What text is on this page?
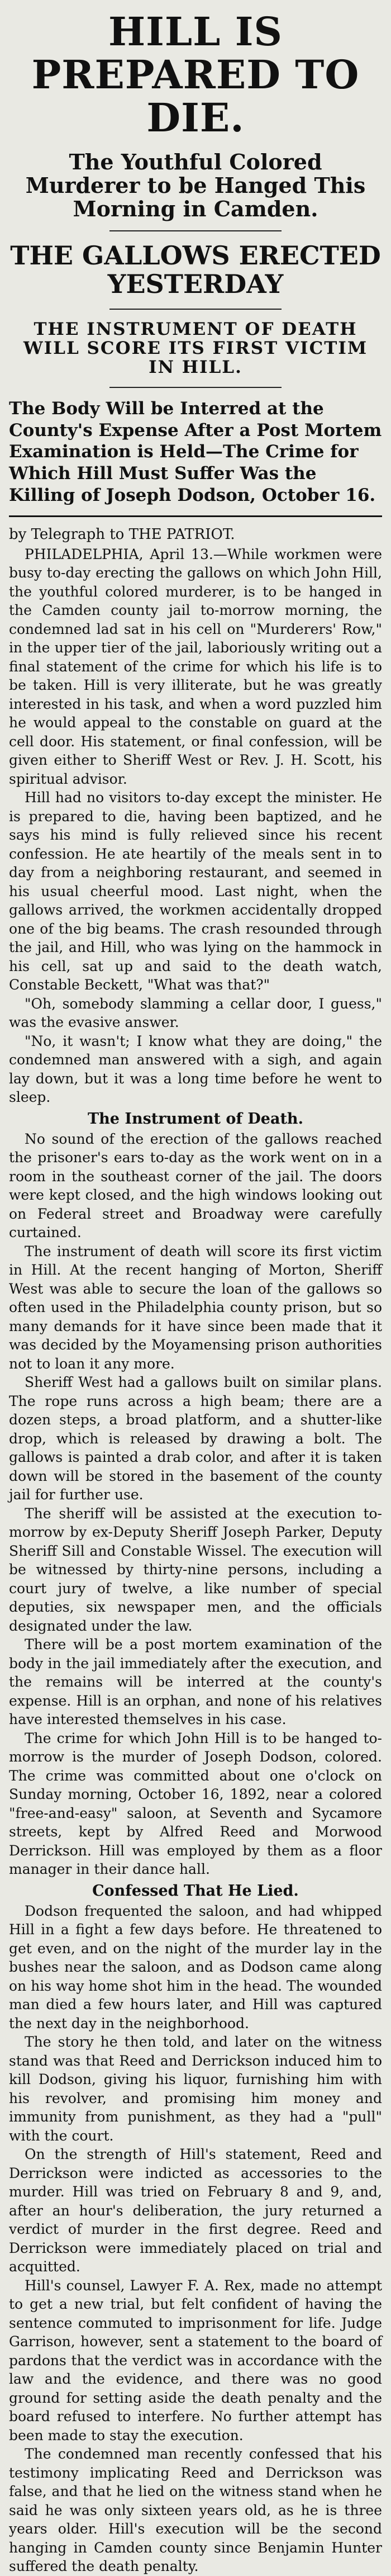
HILL IS PREPARED TO DIE.
The Youthful Colored Murderer to be Hanged This Morning in Camden.
THE GALLOWS ERECTED YESTERDAY
THE INSTRUMENT OF DEATH WILL SCORE ITS FIRST VICTIM IN HILL.
The Body Will be Interred at the County's Expense After a Post Mortem Examination is Held—The Crime for Which Hill Must Suffer Was the Killing of Joseph Dodson, October 16.
by Telegraph to THE PATRIOT.

PHILADELPHIA, April 13.—While workmen were busy to-day erecting the gallows on which John Hill, the youthful colored murderer, is to be hanged in the Camden county jail to-morrow morning, the condemned lad sat in his cell on "Murderers' Row," in the upper tier of the jail, laboriously writing out a final statement of the crime for which his life is to be taken. Hill is very illiterate, but he was greatly interested in his task, and when a word puzzled him he would appeal to the constable on guard at the cell door. His statement, or final confession, will be given either to Sheriff West or Rev. J. H. Scott, his spiritual advisor.

Hill had no visitors to-day except the minister. He is prepared to die, having been baptized, and he says his mind is fully relieved since his recent confession. He ate heartily of the meals sent in to day from a neighboring restaurant, and seemed in his usual cheerful mood. Last night, when the gallows arrived, the workmen accidentally dropped one of the big beams. The crash resounded through the jail, and Hill, who was lying on the hammock in his cell, sat up and said to the death watch, Constable Beckett, "What was that?"

"Oh, somebody slamming a cellar door, I guess," was the evasive answer.

"No, it wasn't; I know what they are doing," the condemned man answered with a sigh, and again lay down, but it was a long time before he went to sleep.

The Instrument of Death.

No sound of the erection of the gallows reached the prisoner's ears to-day as the work went on in a room in the southeast corner of the jail. The doors were kept closed, and the high windows looking out on Federal street and Broadway were carefully curtained.

The instrument of death will score its first victim in Hill. At the recent hanging of Morton, Sheriff West was able to secure the loan of the gallows so often used in the Philadelphia county prison, but so many demands for it have since been made that it was decided by the Moyamensing prison authorities not to loan it any more.

Sheriff West had a gallows built on similar plans. The rope runs across a high beam; there are a dozen steps, a broad platform, and a shutter-like drop, which is released by drawing a bolt. The gallows is painted a drab color, and after it is taken down will be stored in the basement of the county jail for further use.

The sheriff will be assisted at the execution to-morrow by ex-Deputy Sheriff Joseph Parker, Deputy Sheriff Sill and Constable Wissel. The execution will be witnessed by thirty-nine persons, including a court jury of twelve, a like number of special deputies, six newspaper men, and the officials designated under the law.

There will be a post mortem examination of the body in the jail immediately after the execution, and the remains will be interred at the county's expense. Hill is an orphan, and none of his relatives have interested themselves in his case.

The crime for which John Hill is to be hanged to-morrow is the murder of Joseph Dodson, colored. The crime was committed about one o'clock on Sunday morning, October 16, 1892, near a colored "free-and-easy" saloon, at Seventh and Sycamore streets, kept by Alfred Reed and Morwood Derrickson. Hill was employed by them as a floor manager in their dance hall.

Confessed That He Lied.

Dodson frequented the saloon, and had whipped Hill in a fight a few days before. He threatened to get even, and on the night of the murder lay in the bushes near the saloon, and as Dodson came along on his way home shot him in the head. The wounded man died a few hours later, and Hill was captured the next day in the neighborhood.

The story he then told, and later on the witness stand was that Reed and Derrickson induced him to kill Dodson, giving his liquor, furnishing him with his revolver, and promising him money and immunity from punishment, as they had a "pull" with the court.

On the strength of Hill's statement, Reed and Derrickson were indicted as accessories to the murder. Hill was tried on February 8 and 9, and, after an hour's deliberation, the jury returned a verdict of murder in the first degree. Reed and Derrickson were immediately placed on trial and acquitted.

Hill's counsel, Lawyer F. A. Rex, made no attempt to get a new trial, but felt confident of having the sentence commuted to imprisonment for life. Judge Garrison, however, sent a statement to the board of pardons that the verdict was in accordance with the law and the evidence, and there was no good ground for setting aside the death penalty and the board refused to interfere. No further attempt has been made to stay the execution.

The condemned man recently confessed that his testimony implicating Reed and Derrickson was false, and that he lied on the witness stand when he said he was only sixteen years old, as he is three years older. Hill's execution will be the second hanging in Camden county since Benjamin Hunter suffered the death penalty.
